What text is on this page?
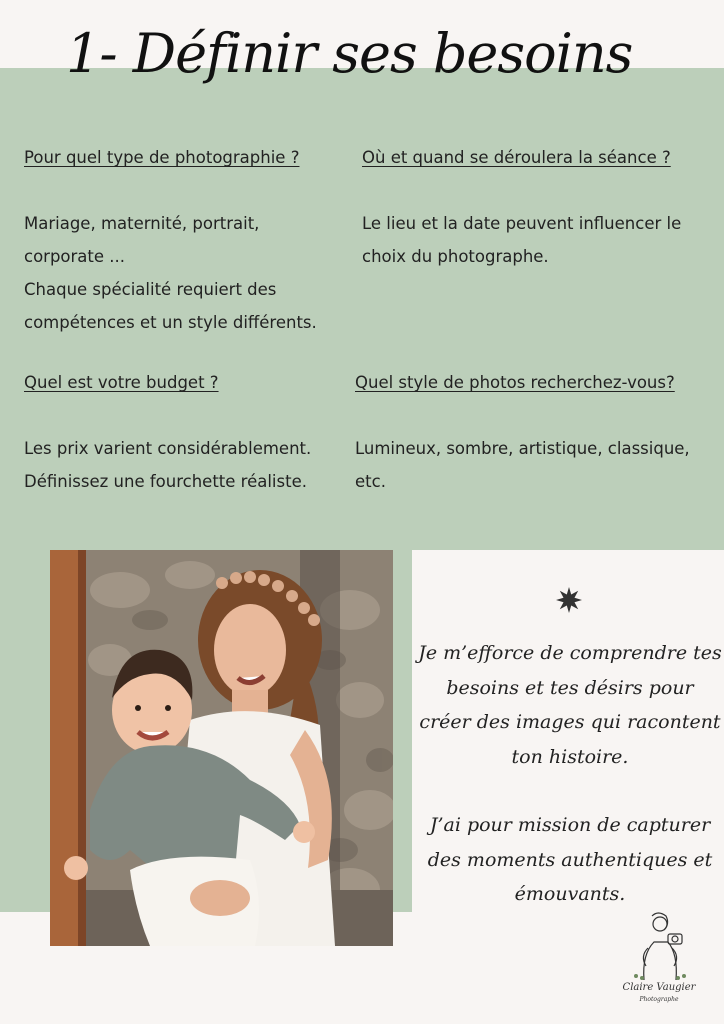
1- Définir ses besoins

Pour quel type de photographie ?

Mariage, maternité, portrait,
corporate ...
Chaque spécialité requiert des
compétences et un style différents.

Où et quand se déroulera la séance ?

Le lieu et la date peuvent influencer le
choix du photographe.

Quel est votre budget ?

Les prix varient considérablement.
Définissez une fourchette réaliste.

Quel style de photos recherchez-vous?

Lumineux, sombre, artistique, classique,
etc.

Je m’efforce de comprendre tes besoins et tes désirs pour créer des images qui racontent ton histoire.

J’ai pour mission de capturer des moments authentiques et émouvants.

Claire Vaugier
Photographe
